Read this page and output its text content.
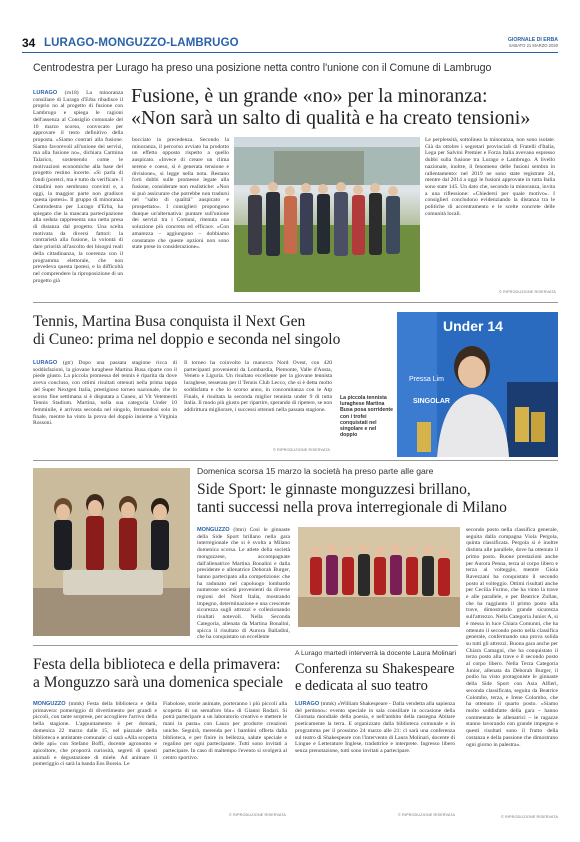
34 LURAGO-MONGUZZO-LAMBRUGO	GIORNALE DI ERBA
SABATO 21 MARZO 2020
Centrodestra per Lurago ha preso una posizione netta contro l'unione con il Comune di Lambrugo
Fusione, è un grande «no» per la minoranza:
«Non sarà un salto di qualità e ha creato tensioni»

LURAGO (rn18) La minoranza consiliare di Lurago d'Erba ribadisce il proprio no al progetto di fusione con Lambrugo e spiega le ragioni dell'assenza al Consiglio comunale del 10 marzo scorso, convocato per approvare il testo definitivo della proposta. «Siamo contrari alla fusione. Siamo favorevoli all'unione dei servizi, ma alla fusione no», dichiara Carmina Talarico, sostenendo come le motivazioni economiche alla base del progetto restino incerte. «Si parla di fondi (poretci, ma è tutto da verificare. I cittadini non sembrano convinti e, a oggi, la maggior parte non gradisce questa ipotesi». Il gruppo di minoranza Centrodestra per Lurago d'Erba, ha spiegato che la mancata partecipazione alla seduta rappresenta una netta presa di distanza dal progetto. Una scelta motivata da diversi fattori: la contrarietà alla fusione, la volontà di dare priorità all'ascolto dei bisogni reali della cittadinanza, la coerenza con il programma elettorale, che non prevedeva questa ipotesi, e la difficoltà nel comprendere la riproposizione di un progetto già

bocciato in precedenza. Secondo la minoranza, il percorso avviato ha prodotto un effetto opposto rispetto a quello auspicato. «Invece di creare un clima sereno e coeso, si è generata tensione e divisione», si legge nella nota. Restano forti dubbi sulle promesse legate alla fusione, considerate non realistiche: «Non si può assicurare che potrebbe non tradursi nel "salto di qualità" auspicato e prospettato». I consiglieri propongono dunque un'alternativa: puntare sull'unione dei servizi tra i Comuni, ritenuta una soluzione più concreta ed efficace. «Con amarezza – aggiungono – dobbiamo constatare che queste opzioni non sono state prese in considerazione».

Le perplessità, sottolinea la minoranza, non sono isolate. Già da ottobre i segretari provinciali di Fratelli d'Italia, Lega per Salvini Premier e Forza Italia avevano espresso dubbi sulla fusione tra Lurago e Lambrugo. A livello nazionale, inoltre, il fenomeno delle fusioni sembra in rallentamento: nel 2019 ne sono state registrate 24, mentre dal 2014 a oggi le fusioni approvate in tutta Italia sono state 145. Un dato che, secondo la minoranza, invita a una riflessione: «Chiedersi per quale motivo». I consiglieri concludono evidenziando la distanza tra le politiche di accentramento e le scelte concrete delle comunità locali.

© RIPRODUZIONE RISERVATA
Tennis, Martina Busa conquista il Next Gen
di Cuneo: prima nel doppio e seconda nel singolo

LURAGO (gtr) Dopo una passata stagione ricca di soddisfazioni, la giovane luraghese Martina Busa riparte con il piede giusto. La piccola promessa del tennis è riparita da dove aveva concluso, con ottimi risultati ottenuti nella prima tappa del Super Nextgen Italia, prestigioso torneo nazionale, che lo scorso fine settimana si è disputata a Cuneo, al Vit Vetemeriti Tennis Stadium. Martina, nella sua categoria Under 10 femminile, è arrivata seconda nel singolo, fermandosi solo in finale, mentre ha vinto la prova del doppio insieme a Virginia Rossoni.

Il torneo ha coinvolto la manovra Nord Ovest, con 420 partecipanti provenienti da Lombardia, Piemonte, Valle d'Aosta, Veneto e Liguria. Un risultato eccellente per la giovane tennista luraghese, tesserata per il Tennis Club Lecco, che si è detta molto soddisfatta e che lo scorso anno, in concomitanza con le Atp Finals, è risultata la seconda miglior tennista under 9 di tutta Italia. Il modo più giusto per ripartire, sperando di ripetere, se non addirittura migliorare, i successi ottenuti nella passata stagione.

© RIPRODUZIONE RISERVATA
La piccola tennista luraghese Martina Busa posa sorridente con i trofei conquistati nel singolare e nel doppio
Under 14
Pressa Lim
SINGOLAR
Domenica scorsa 15 marzo la società ha preso parte alle gare
Side Sport: le ginnaste monguzzesi brillano,
tanti successi nella prova interregionale di Milano

MONGUZZO (lmn) Così le ginnaste della Side Sport brillano nella gara interregionale che si è svolta a Milano domenica scorsa. Le atlete della società monguzzese, accompagnate dall'allenatrice Martina Bonalini e dalla presidente e allenatrice Deborah Burger, hanno partecipato alla competizione: che ha radunato nel capoluogo lombardo numerose società provenienti da diverse regioni del Nord Italia, mostrando impegno, determinazione e una crescente sicurezza sugli attrezzi e collezionando risultati notevoli. Nella Seconda Categoria, allenata da Martina Bonalini, spicca il risultato di Aurora Balladini, che ha conquistato un eccellente

secondo posto nella classifica generale, seguita dalla compagna Viola Pergola, quinta classificata. Pergola si è inoltre distinta alle parallele, dove ha ottenuto il primo posto. Buone prestazioni anche per Aurora Penna, terza al corpo libero e terza al volteggio, mentre Gioia Ravezzani ha conquistato il secondo posto al volteggio. Ottimi risultati anche per Cecilia Furino, che ha vinto la trave e alle parallele, e per Beatrice Zullan, che ha raggiunto il primo posto alla trave, dimostrando grande sicurezza sull'attrezzo. Nella Categoria Junior A, si è messa in luce Chiara Comunni, che ha ottenuto il secondo posto nella classifica generale, confermando una prova solida su tutti gli attrezzi. Buona gara anche per Chiara Camagni, che ha conquistato il terzo posto alla trave e il secondo posto al corpo libero. Nella Terza Categoria Junior, allenata da Deborah Burger, il podio ha visto protagoniste le ginnaste della Side Sport con Asia Alfieri, seconda classificata, seguita da Beatrice Colombo, terza, e Irene Colombo, che ha ottenuto il quarto posto. «Siamo molto soddisfatte della gara – hanno commentato le allenatrici – le ragazze stanno lavorando con grande impegno e questi risultati sono il frutto della costanza e della passione che dimostrano ogni giorno in palestra».

© RIPRODUZIONE RISERVATA
Festa della biblioteca e della primavera:
a Monguzzo sarà una domenica speciale

MONGUZZO (mmk) Festa della biblioteca e della primavera: pomeriggio di divertimento per grandi e piccoli, con tante sorprese, per accogliere l'arrivo della bella stagione. L'appuntamento è per domani, domenica 22 marzo dalle 15, nel piazzale della biblioteca e antistante comunale: ci sarà «Alla scoperta delle api» con Stefano Boffi, docente agronomo e apicoltore, che proporrà curiosità, segreti di questi animali e degustazione di miele. Ad animare il pomeriggio ci sarà la banda Eos Boreia. Le

Fiabolose, storie animate, porteranno i più piccoli alla scoperta di un semaforo blu» di Gianni Rodari. Si potrà partecipare a un laboratorio creativo e mettere le mani in pasta» con Laura per produrre creazioni uniche. Seguirà, merenda per i bambini offerta dalla biblioteca, e per finire in bellezza, salute speciale e regalino per ogni partecipante. Tutti sono invitati a partecipare. In caso di maltempo l'evento si svolgerà al centro sportivo.

© RIPRODUZIONE RISERVATA
A Lurago martedì interverrà la docente Laura Molinari
Conferenza su Shakespeare
e dedicata al suo teatro

LURAGO (mmk) «William Shakespeare - Dalla vendetta alla sapienza del perdono»: evento speciale in sala consiliare in occasione della Giornata mondiale della poesia, e nell'ambito della rassegna Abitare poeticamente la terra. E organizzato dalla biblioteca comunale e in programma per il prossimo 24 marzo alle 21: ci sarà una conferenza sul teatro di Shakespeare con l'intervento di Laura Molinari, docente di Lingue e Letterature Inglese, traduttrice e interprete. Ingresso libero senza prenotazione, tutti sono invitati a partecipare.

© RIPRODUZIONE RISERVATA
